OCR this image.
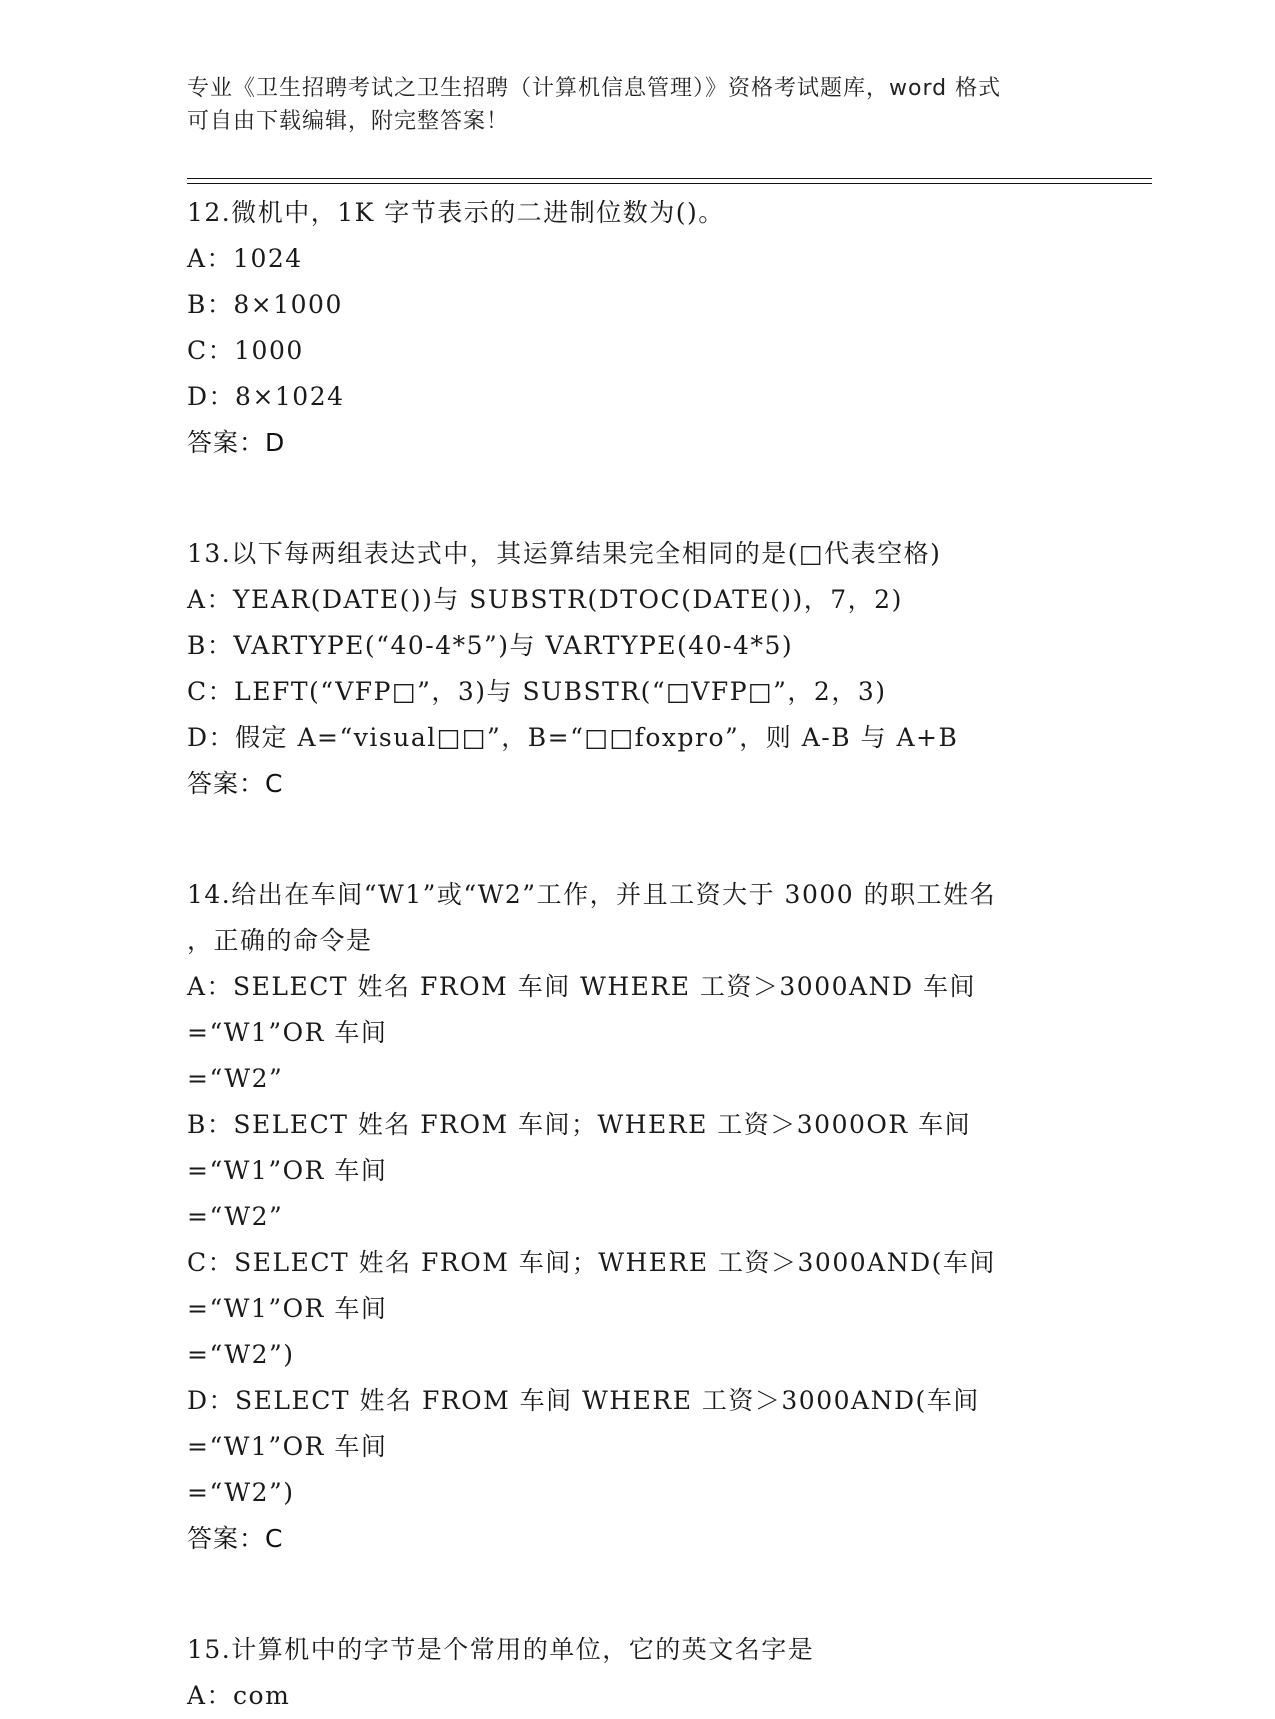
专业《卫生招聘考试之卫生招聘（计算机信息管理）》资格考试题库，word 格式
可自由下载编辑，附完整答案！
12.微机中，1K 字节表示的二进制位数为()。
A：1024
B：8×1000
C：1000
D：8×1024
答案：D
13.以下每两组表达式中，其运算结果完全相同的是(□代表空格)
A：YEAR(DATE())与 SUBSTR(DTOC(DATE())，7，2)
B：VARTYPE(“40-4*5”)与 VARTYPE(40-4*5)
C：LEFT(“VFP□”，3)与 SUBSTR(“□VFP□”，2，3)
D：假定 A=“visual□□”，B=“□□foxpro”，则 A-B 与 A+B
答案：C
14.给出在车间“W1”或“W2”工作，并且工资大于 3000 的职工姓名
，正确的命令是
A：SELECT 姓名 FROM 车间 WHERE 工资＞3000AND 车间=“W1”OR 车间
=“W2”
B：SELECT 姓名 FROM 车间；WHERE 工资＞3000OR 车间=“W1”OR 车间
=“W2”
C：SELECT 姓名 FROM 车间；WHERE 工资＞3000AND(车间=“W1”OR 车间
=“W2”)
D：SELECT 姓名 FROM 车间 WHERE 工资＞3000AND(车间=“W1”OR 车间
=“W2”)
答案：C
15.计算机中的字节是个常用的单位，它的英文名字是
A：com
